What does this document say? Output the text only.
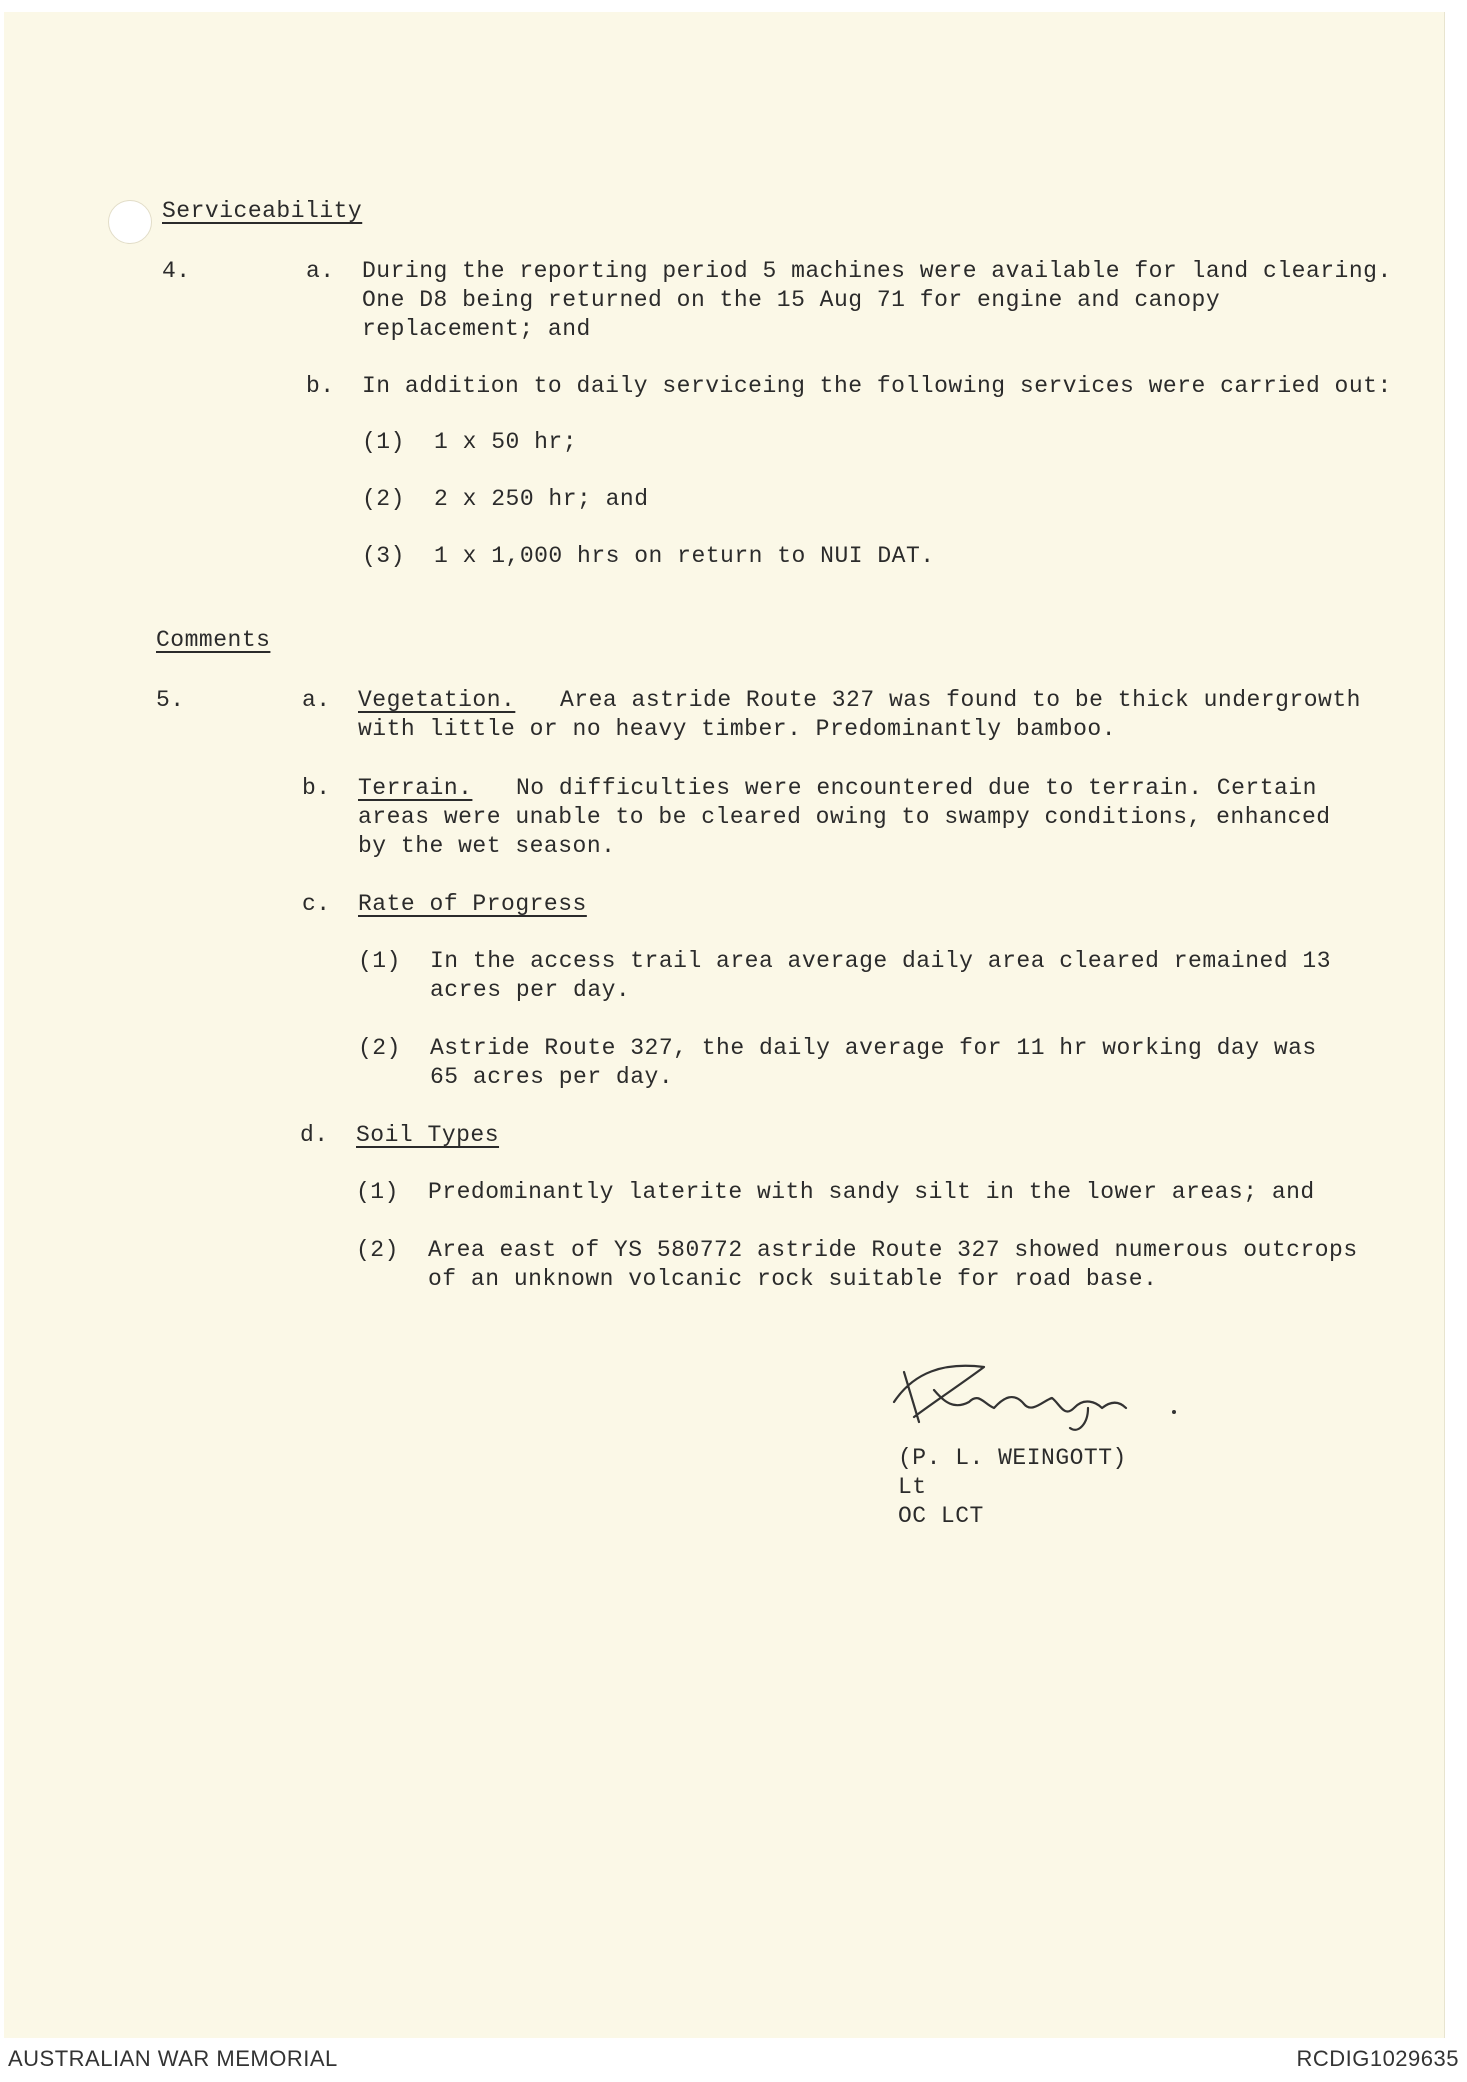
Serviceability
4.	a. During the reporting period 5 machines were available for land clearing.
One D8 being returned on the 15 Aug 71 for engine and canopy
replacement; and
b. In addition to daily serviceing the following services were carried out:
(1) 1 x 50 hr;
(2) 2 x 250 hr; and
(3) 1 x 1,000 hrs on return to NUI DAT.
Comments
5.	a. Vegetation. Area astride Route 327 was found to be thick undergrowth
with little or no heavy timber. Predominantly bamboo.
b. Terrain. No difficulties were encountered due to terrain. Certain
areas were unable to be cleared owing to swampy conditions, enhanced
by the wet season.
c. Rate of Progress
(1) In the access trail area average daily area cleared remained 13
acres per day.
(2) Astride Route 327, the daily average for 11 hr working day was
65 acres per day.
d. Soil Types
(1) Predominantly laterite with sandy silt in the lower areas; and
(2) Area east of YS 580772 astride Route 327 showed numerous outcrops
of an unknown volcanic rock suitable for road base.
(P. L. WEINGOTT)
Lt
OC LCT
AUSTRALIAN WAR MEMORIAL	RCDIG1029635
